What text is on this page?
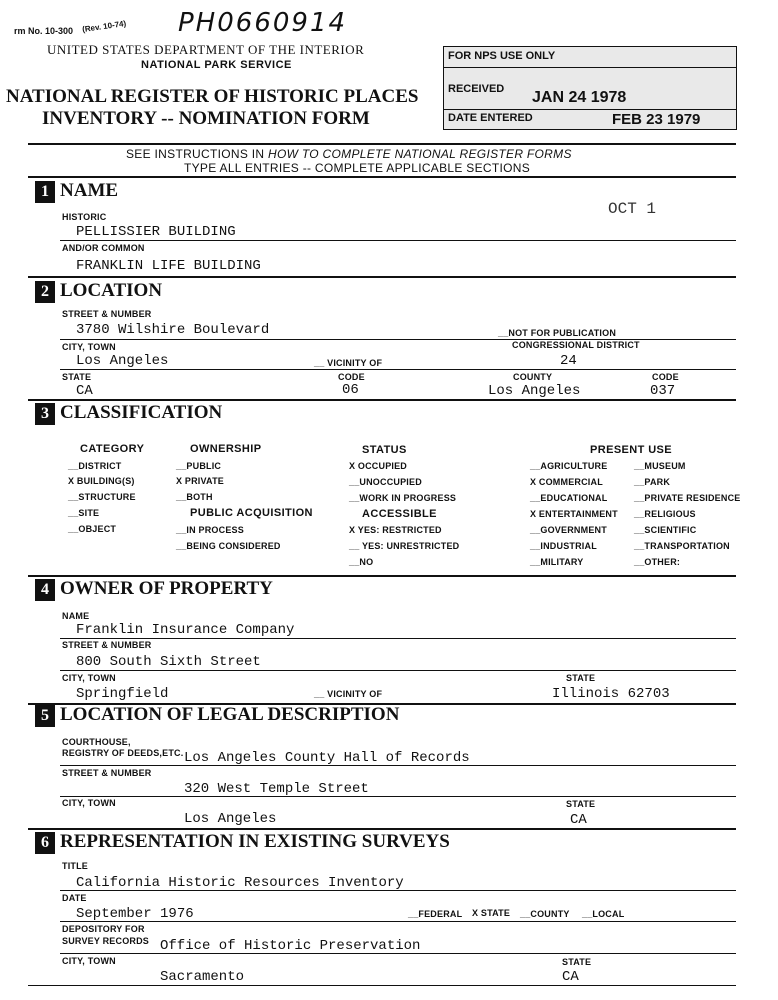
rm No. 10-300 (Rev. 10-74) PH0660914
UNITED STATES DEPARTMENT OF THE INTERIOR
NATIONAL PARK SERVICE
NATIONAL REGISTER OF HISTORIC PLACES
INVENTORY -- NOMINATION FORM
FOR NPS USE ONLY
RECEIVED JAN 24 1978
DATE ENTERED	FEB 23 1979
SEE INSTRUCTIONS IN HOW TO COMPLETE NATIONAL REGISTER FORMS
TYPE ALL ENTRIES -- COMPLETE APPLICABLE SECTIONS
1 NAME
OCT 1
HISTORIC
PELLISSIER BUILDING
AND/OR COMMON
FRANKLIN LIFE BUILDING
2 LOCATION
STREET & NUMBER
3780 Wilshire Boulevard	__NOT FOR PUBLICATION
CITY, TOWN	CONGRESSIONAL DISTRICT
Los Angeles	__ VICINITY OF	24
STATE	CODE	COUNTY	CODE
CA	06	Los Angeles	037
3 CLASSIFICATION
CATEGORY
__DISTRICT
X BUILDING(S)
__STRUCTURE
__SITE
__OBJECT
OWNERSHIP
__PUBLIC
X PRIVATE
__BOTH
PUBLIC ACQUISITION
__IN PROCESS
__BEING CONSIDERED
STATUS
X OCCUPIED
__UNOCCUPIED
__WORK IN PROGRESS
ACCESSIBLE
X YES: RESTRICTED
__ YES: UNRESTRICTED
__NO
PRESENT USE
__AGRICULTURE
X COMMERCIAL
__EDUCATIONAL
X ENTERTAINMENT
__GOVERNMENT
__INDUSTRIAL
__MILITARY
__MUSEUM
__PARK
__PRIVATE RESIDENCE
__RELIGIOUS
__SCIENTIFIC
__TRANSPORTATION
__OTHER:
4 OWNER OF PROPERTY
NAME
Franklin Insurance Company
STREET & NUMBER
800 South Sixth Street
CITY, TOWN	STATE
Springfield	__ VICINITY OF	Illinois 62703
5 LOCATION OF LEGAL DESCRIPTION
COURTHOUSE,
REGISTRY OF DEEDS,ETC. Los Angeles County Hall of Records
STREET & NUMBER
320 West Temple Street
CITY, TOWN	STATE
Los Angeles	CA
6 REPRESENTATION IN EXISTING SURVEYS
TITLE
California Historic Resources Inventory
DATE
September 1976	__FEDERAL X STATE __COUNTY __LOCAL
DEPOSITORY FOR
SURVEY RECORDS Office of Historic Preservation
CITY, TOWN	STATE
Sacramento	CA
